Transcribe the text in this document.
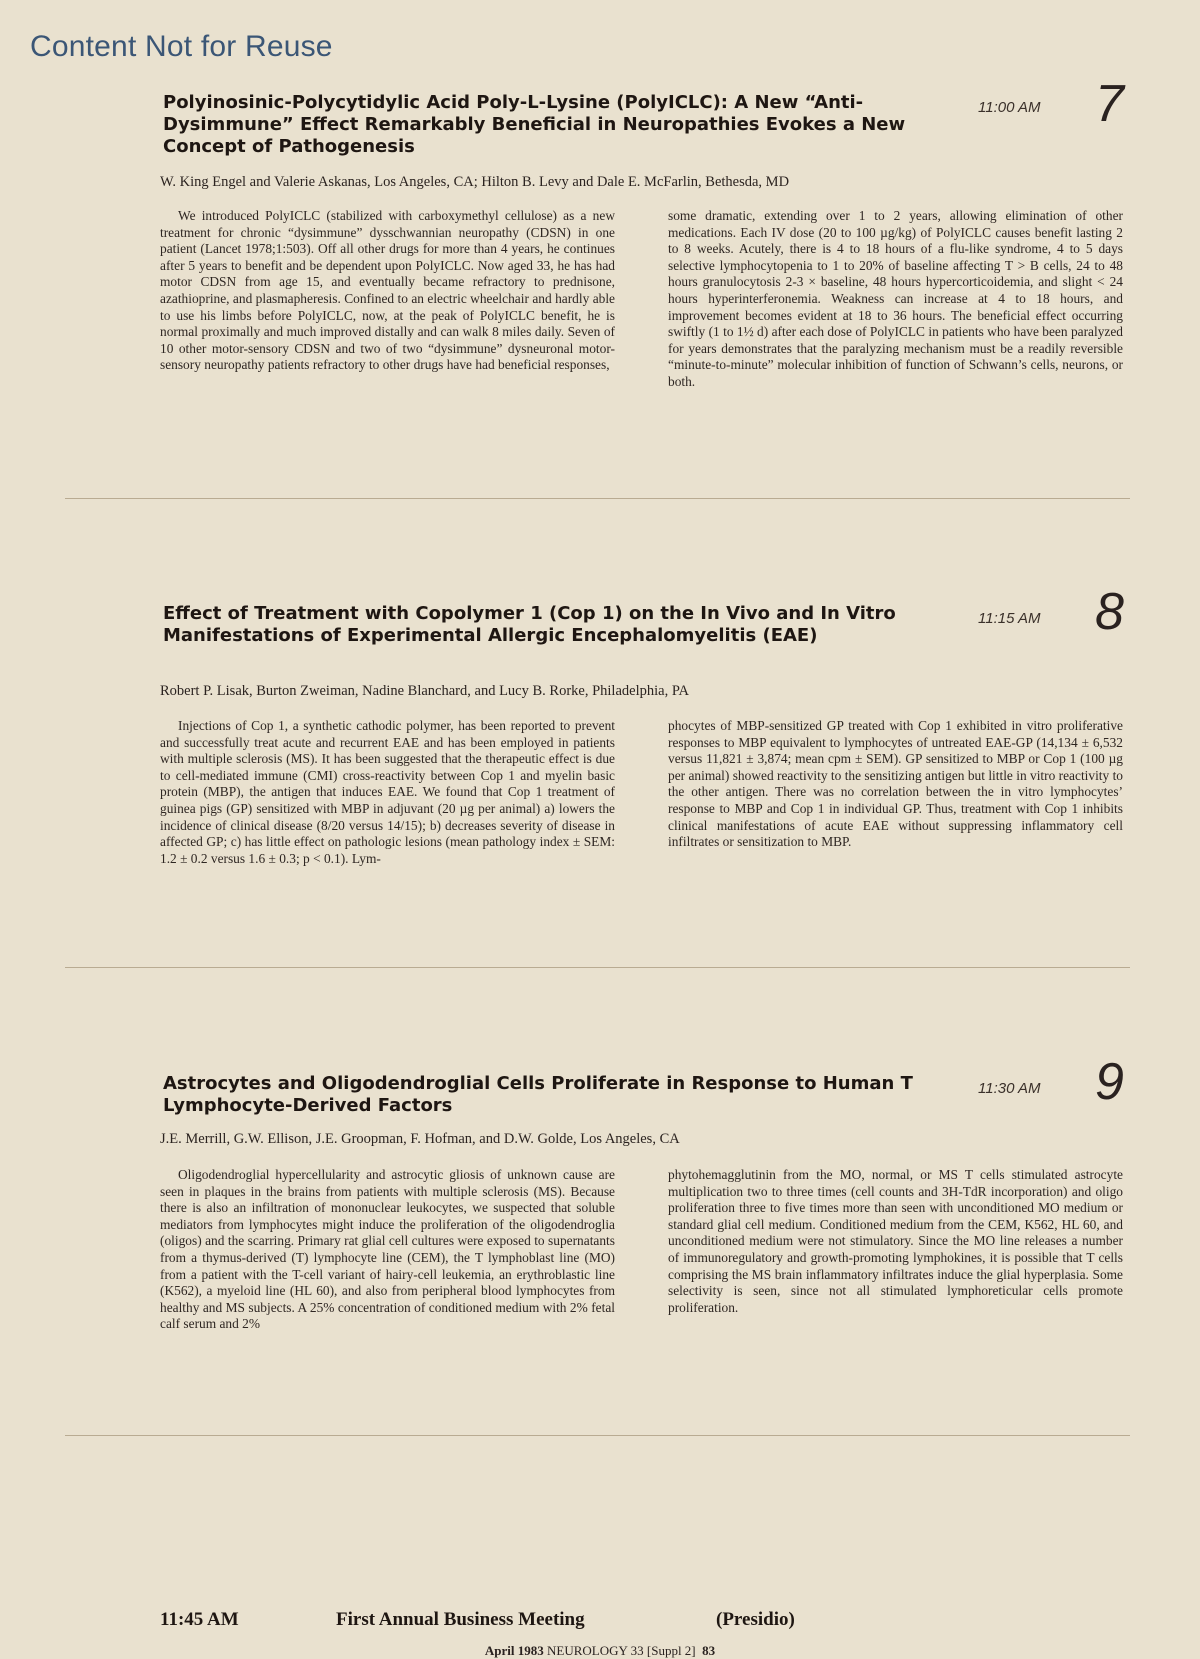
Content Not for Reuse
Polyinosinic-Polycytidylic Acid Poly-L-Lysine (PolyICLC): A New “Anti-Dysimmune” Effect Remarkably Beneficial in Neuropathies Evokes a New Concept of Pathogenesis
11:00 AM 7
W. King Engel and Valerie Askanas, Los Angeles, CA; Hilton B. Levy and Dale E. McFarlin, Bethesda, MD
We introduced PolyICLC (stabilized with carboxymethyl cellulose) as a new treatment for chronic “dysimmune” dysschwannian neuropathy (CDSN) in one patient (Lancet 1978;1:503). Off all other drugs for more than 4 years, he continues after 5 years to benefit and be dependent upon PolyICLC. Now aged 33, he has had motor CDSN from age 15, and eventually became refractory to prednisone, azathioprine, and plasmapheresis. Confined to an electric wheelchair and hardly able to use his limbs before PolyICLC, now, at the peak of PolyICLC benefit, he is normal proximally and much improved distally and can walk 8 miles daily. Seven of 10 other motor-sensory CDSN and two of two “dysimmune” dysneuronal motor-sensory neuropathy patients refractory to other drugs have had beneficial responses,
some dramatic, extending over 1 to 2 years, allowing elimination of other medications. Each IV dose (20 to 100 µg/kg) of PolyICLC causes benefit lasting 2 to 8 weeks. Acutely, there is 4 to 18 hours of a flu-like syndrome, 4 to 5 days selective lymphocytopenia to 1 to 20% of baseline affecting T > B cells, 24 to 48 hours granulocytosis 2-3 × baseline, 48 hours hypercorticoidemia, and slight < 24 hours hyperinterferonemia. Weakness can increase at 4 to 18 hours, and improvement becomes evident at 18 to 36 hours. The beneficial effect occurring swiftly (1 to 1½ d) after each dose of PolyICLC in patients who have been paralyzed for years demonstrates that the paralyzing mechanism must be a readily reversible “minute-to-minute” molecular inhibition of function of Schwann’s cells, neurons, or both.
Effect of Treatment with Copolymer 1 (Cop 1) on the In Vivo and In Vitro Manifestations of Experimental Allergic Encephalomyelitis (EAE)
11:15 AM 8
Robert P. Lisak, Burton Zweiman, Nadine Blanchard, and Lucy B. Rorke, Philadelphia, PA
Injections of Cop 1, a synthetic cathodic polymer, has been reported to prevent and successfully treat acute and recurrent EAE and has been employed in patients with multiple sclerosis (MS). It has been suggested that the therapeutic effect is due to cell-mediated immune (CMI) cross-reactivity between Cop 1 and myelin basic protein (MBP), the antigen that induces EAE. We found that Cop 1 treatment of guinea pigs (GP) sensitized with MBP in adjuvant (20 µg per animal) a) lowers the incidence of clinical disease (8/20 versus 14/15); b) decreases severity of disease in affected GP; c) has little effect on pathologic lesions (mean pathology index ± SEM: 1.2 ± 0.2 versus 1.6 ± 0.3; p < 0.1). Lym-
phocytes of MBP-sensitized GP treated with Cop 1 exhibited in vitro proliferative responses to MBP equivalent to lymphocytes of untreated EAE-GP (14,134 ± 6,532 versus 11,821 ± 3,874; mean cpm ± SEM). GP sensitized to MBP or Cop 1 (100 µg per animal) showed reactivity to the sensitizing antigen but little in vitro reactivity to the other antigen. There was no correlation between the in vitro lymphocytes’ response to MBP and Cop 1 in individual GP. Thus, treatment with Cop 1 inhibits clinical manifestations of acute EAE without suppressing inflammatory cell infiltrates or sensitization to MBP.
Astrocytes and Oligodendroglial Cells Proliferate in Response to Human T Lymphocyte-Derived Factors
11:30 AM 9
J.E. Merrill, G.W. Ellison, J.E. Groopman, F. Hofman, and D.W. Golde, Los Angeles, CA
Oligodendroglial hypercellularity and astrocytic gliosis of unknown cause are seen in plaques in the brains from patients with multiple sclerosis (MS). Because there is also an infiltration of mononuclear leukocytes, we suspected that soluble mediators from lymphocytes might induce the proliferation of the oligodendroglia (oligos) and the scarring. Primary rat glial cell cultures were exposed to supernatants from a thymus-derived (T) lymphocyte line (CEM), the T lymphoblast line (MO) from a patient with the T-cell variant of hairy-cell leukemia, an erythroblastic line (K562), a myeloid line (HL 60), and also from peripheral blood lymphocytes from healthy and MS subjects. A 25% concentration of conditioned medium with 2% fetal calf serum and 2%
phytohemagglutinin from the MO, normal, or MS T cells stimulated astrocyte multiplication two to three times (cell counts and 3H-TdR incorporation) and oligo proliferation three to five times more than seen with unconditioned MO medium or standard glial cell medium. Conditioned medium from the CEM, K562, HL 60, and unconditioned medium were not stimulatory. Since the MO line releases a number of immunoregulatory and growth-promoting lymphokines, it is possible that T cells comprising the MS brain inflammatory infiltrates induce the glial hyperplasia. Some selectivity is seen, since not all stimulated lymphoreticular cells promote proliferation.
11:45 AM	First Annual Business Meeting	(Presidio)
April 1983 NEUROLOGY 33 [Suppl 2] 83
